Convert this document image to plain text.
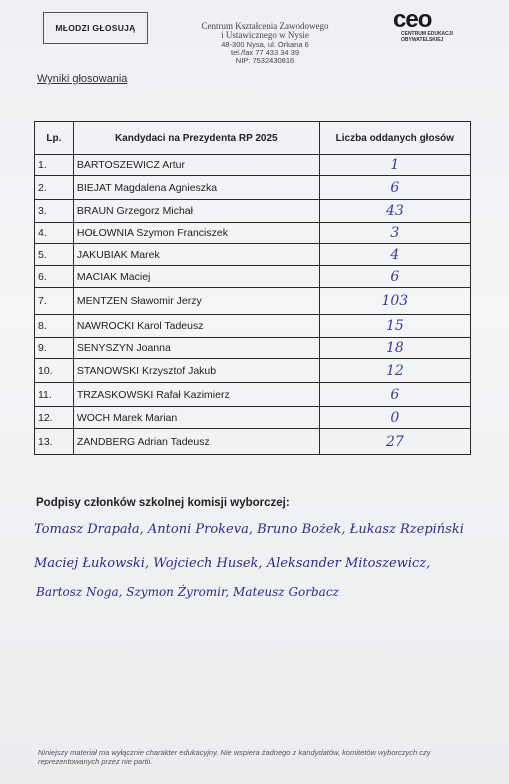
MŁODZI GŁOSUJĄ	Centrum Kształcenia Zawodowego
i Ustawicznego w Nysie
48-300 Nysa, ul. Orkana 6
tel./fax 77 433 34 39
NIP: 7532430816
ceo
CENTRUM EDUKACJI OBYWATELSKIEJ
Wyniki głosowania
Lp.	Kandydaci na Prezydenta RP 2025	Liczba oddanych głosów
1.	BARTOSZEWICZ Artur	1
2.	BIEJAT Magdalena Agnieszka	6
3.	BRAUN Grzegorz Michał	43
4.	HOŁOWNIA Szymon Franciszek	3
5.	JAKUBIAK Marek	4
6.	MACIAK Maciej	6
7.	MENTZEN Sławomir Jerzy	103
8.	NAWROCKI Karol Tadeusz	15
9.	SENYSZYN Joanna	18
10.	STANOWSKI Krzysztof Jakub	12
11.	TRZASKOWSKI Rafał Kazimierz	6
12.	WOCH Marek Marian	0
13.	ZANDBERG Adrian Tadeusz	27
Podpisy członków szkolnej komisji wyborczej:
Tomasz Drapała, Antoni Prokeva, Bruno Bożek, Łukasz Rzepiński
Maciej Łukowski, Wojciech Husek, Aleksander Mitoszewicz,
Bartosz Noga, Szymon Żyromir, Mateusz Gorbacz
Niniejszy materiał ma wyłącznie charakter edukacyjny. Nie wspiera żadnego z kandydatów, komitetów wyborczych czy reprezentowanych przez nie partii.
